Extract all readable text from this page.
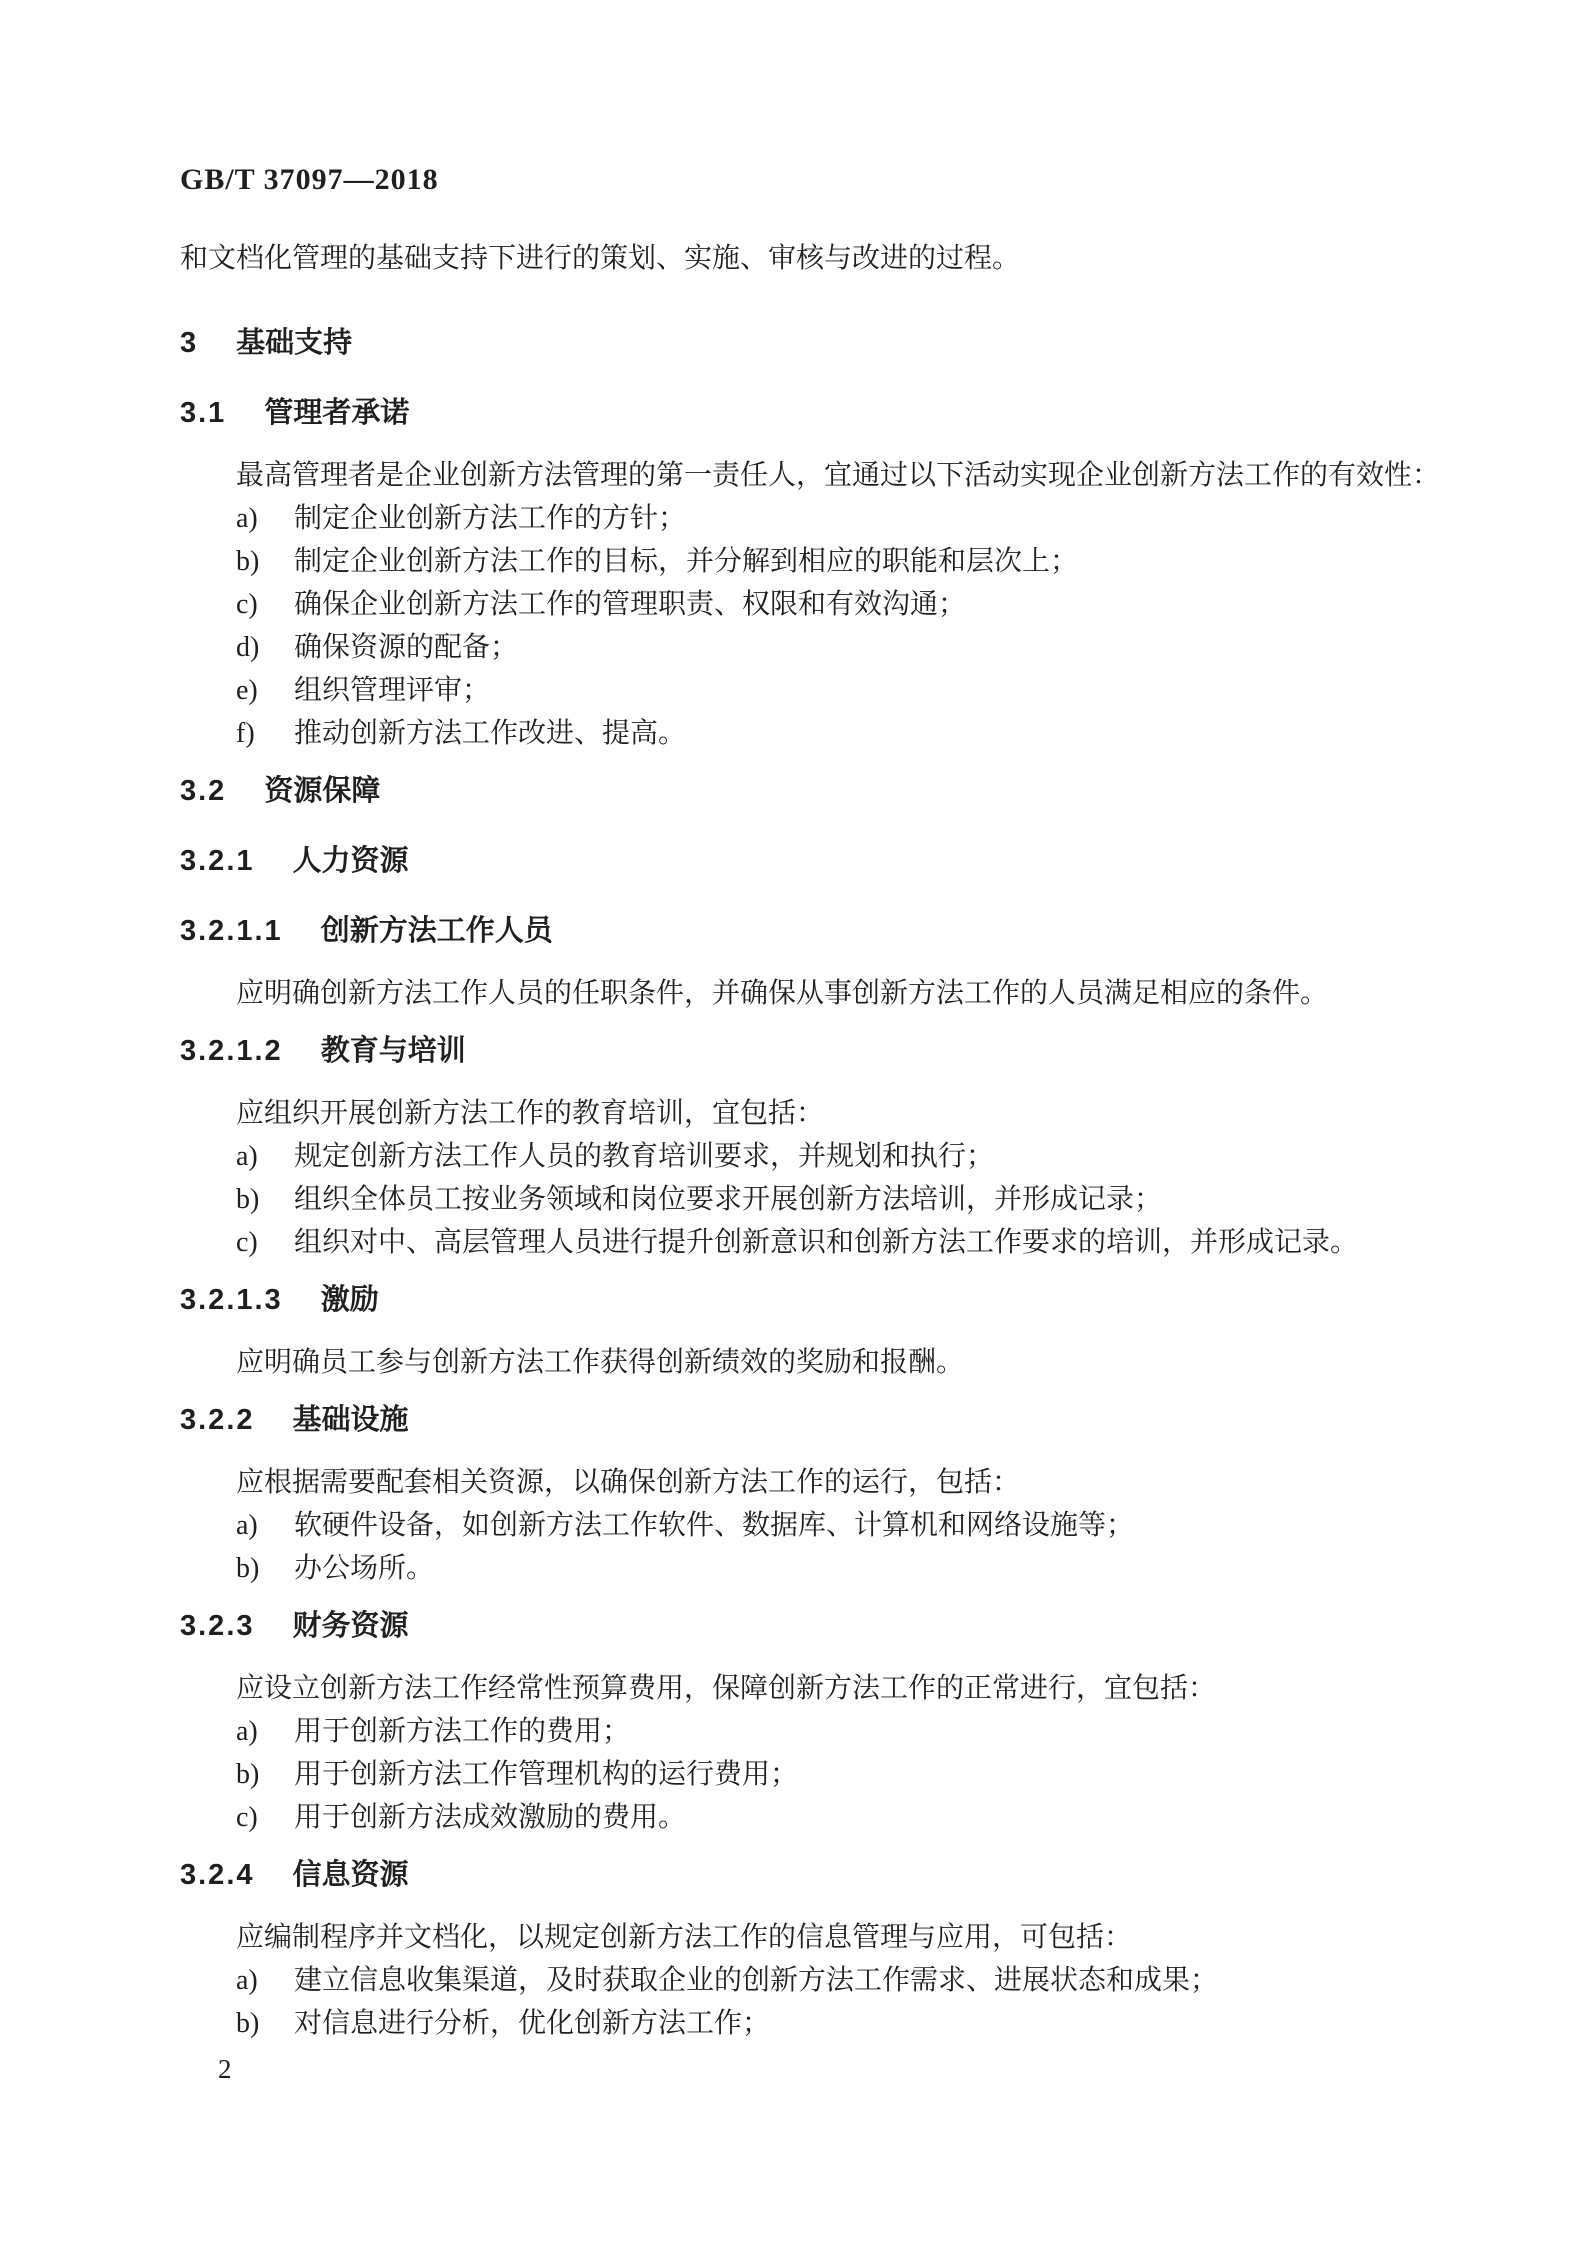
GB/T 37097—2018
和文档化管理的基础支持下进行的策划、实施、审核与改进的过程。
3 基础支持
3.1 管理者承诺
最高管理者是企业创新方法管理的第一责任人，宜通过以下活动实现企业创新方法工作的有效性：
a)	制定企业创新方法工作的方针；
b)	制定企业创新方法工作的目标，并分解到相应的职能和层次上；
c)	确保企业创新方法工作的管理职责、权限和有效沟通；
d)	确保资源的配备；
e)	组织管理评审；
f)	推动创新方法工作改进、提高。
3.2 资源保障
3.2.1 人力资源
3.2.1.1 创新方法工作人员
应明确创新方法工作人员的任职条件，并确保从事创新方法工作的人员满足相应的条件。
3.2.1.2 教育与培训
应组织开展创新方法工作的教育培训，宜包括：
a)	规定创新方法工作人员的教育培训要求，并规划和执行；
b)	组织全体员工按业务领域和岗位要求开展创新方法培训，并形成记录；
c)	组织对中、高层管理人员进行提升创新意识和创新方法工作要求的培训，并形成记录。
3.2.1.3 激励
应明确员工参与创新方法工作获得创新绩效的奖励和报酬。
3.2.2 基础设施
应根据需要配套相关资源，以确保创新方法工作的运行，包括：
a)	软硬件设备，如创新方法工作软件、数据库、计算机和网络设施等；
b)	办公场所。
3.2.3 财务资源
应设立创新方法工作经常性预算费用，保障创新方法工作的正常进行，宜包括：
a)	用于创新方法工作的费用；
b)	用于创新方法工作管理机构的运行费用；
c)	用于创新方法成效激励的费用。
3.2.4 信息资源
应编制程序并文档化，以规定创新方法工作的信息管理与应用，可包括：
a)	建立信息收集渠道，及时获取企业的创新方法工作需求、进展状态和成果；
b)	对信息进行分析，优化创新方法工作；
2
